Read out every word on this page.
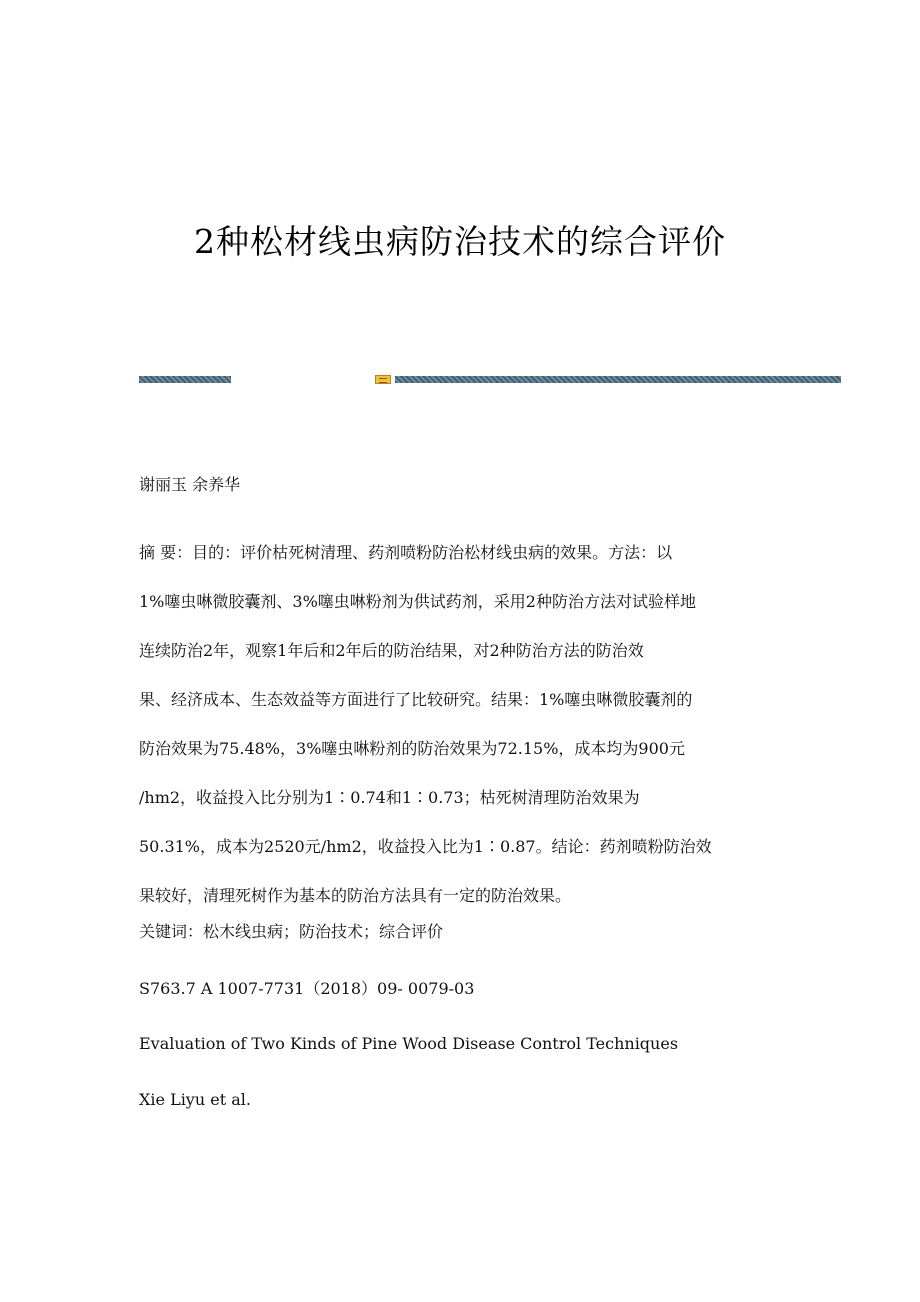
2种松材线虫病防治技术的综合评价

谢丽玉 余养华

摘 要：目的：评价枯死树清理、药剂喷粉防治松材线虫病的效果。方法：以
1%噻虫啉微胶囊剂、3%噻虫啉粉剂为供试药剂，采用2种防治方法对试验样地
连续防治2年，观察1年后和2年后的防治结果，对2种防治方法的防治效
果、经济成本、生态效益等方面进行了比较研究。结果：1%噻虫啉微胶囊剂的
防治效果为75.48%，3%噻虫啉粉剂的防治效果为72.15%，成本均为900元
/hm2，收益投入比分别为1∶0.74和1∶0.73；枯死树清理防治效果为
50.31%，成本为2520元/hm2，收益投入比为1∶0.87。结论：药剂喷粉防治效
果较好，清理死树作为基本的防治方法具有一定的防治效果。

关键词：松木线虫病；防治技术；综合评价

S763.7 A 1007-7731（2018）09- 0079-03

Evaluation of Two Kinds of Pine Wood Disease Control Techniques

Xie Liyu et al.
